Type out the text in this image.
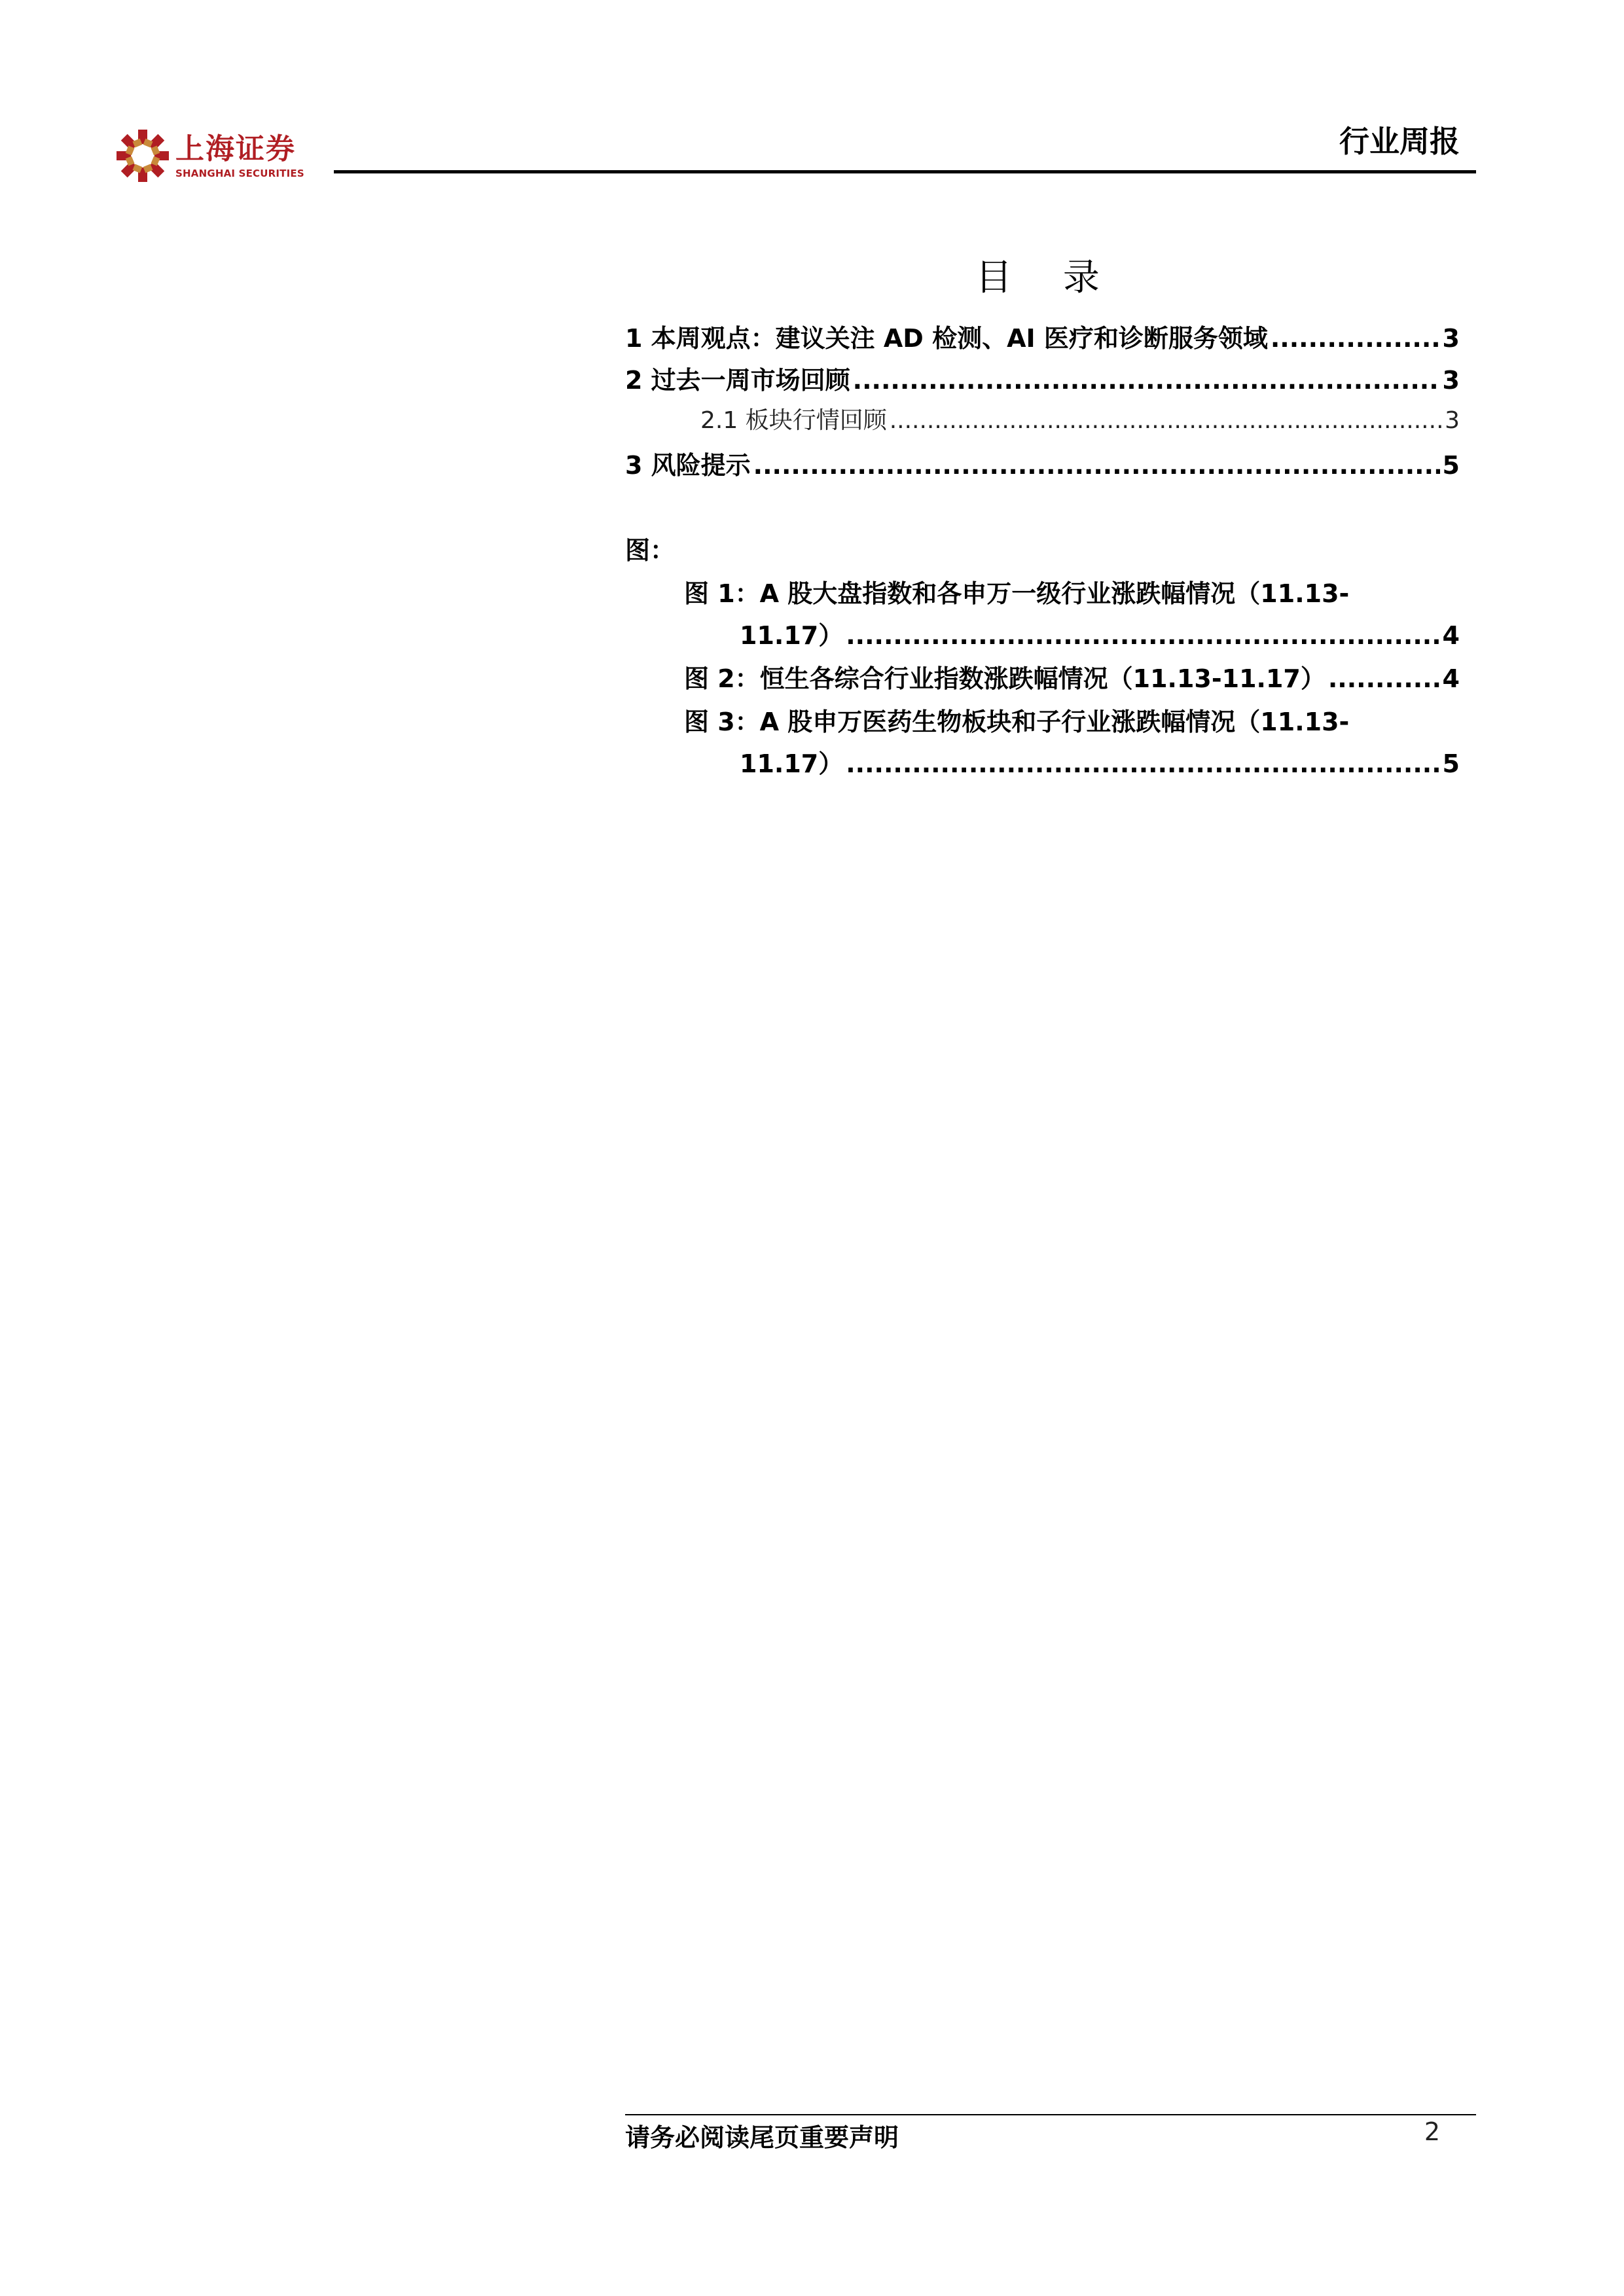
上海证券
SHANGHAI SECURITIES
行业周报
目 录
1 本周观点：建议关注 AD 检测、AI 医疗和诊断服务领域 .....	3
2 过去一周市场回顾 .....	3
2.1 板块行情回顾 .....	3
3 风险提示 .....	5
图：
图 1：A 股大盘指数和各申万一级行业涨跌幅情况（11.13-
11.17） .....	4
图 2：恒生各综合行业指数涨跌幅情况（11.13-11.17） .....	4
图 3：A 股申万医药生物板块和子行业涨跌幅情况（11.13-
11.17） .....	5
请务必阅读尾页重要声明	2
